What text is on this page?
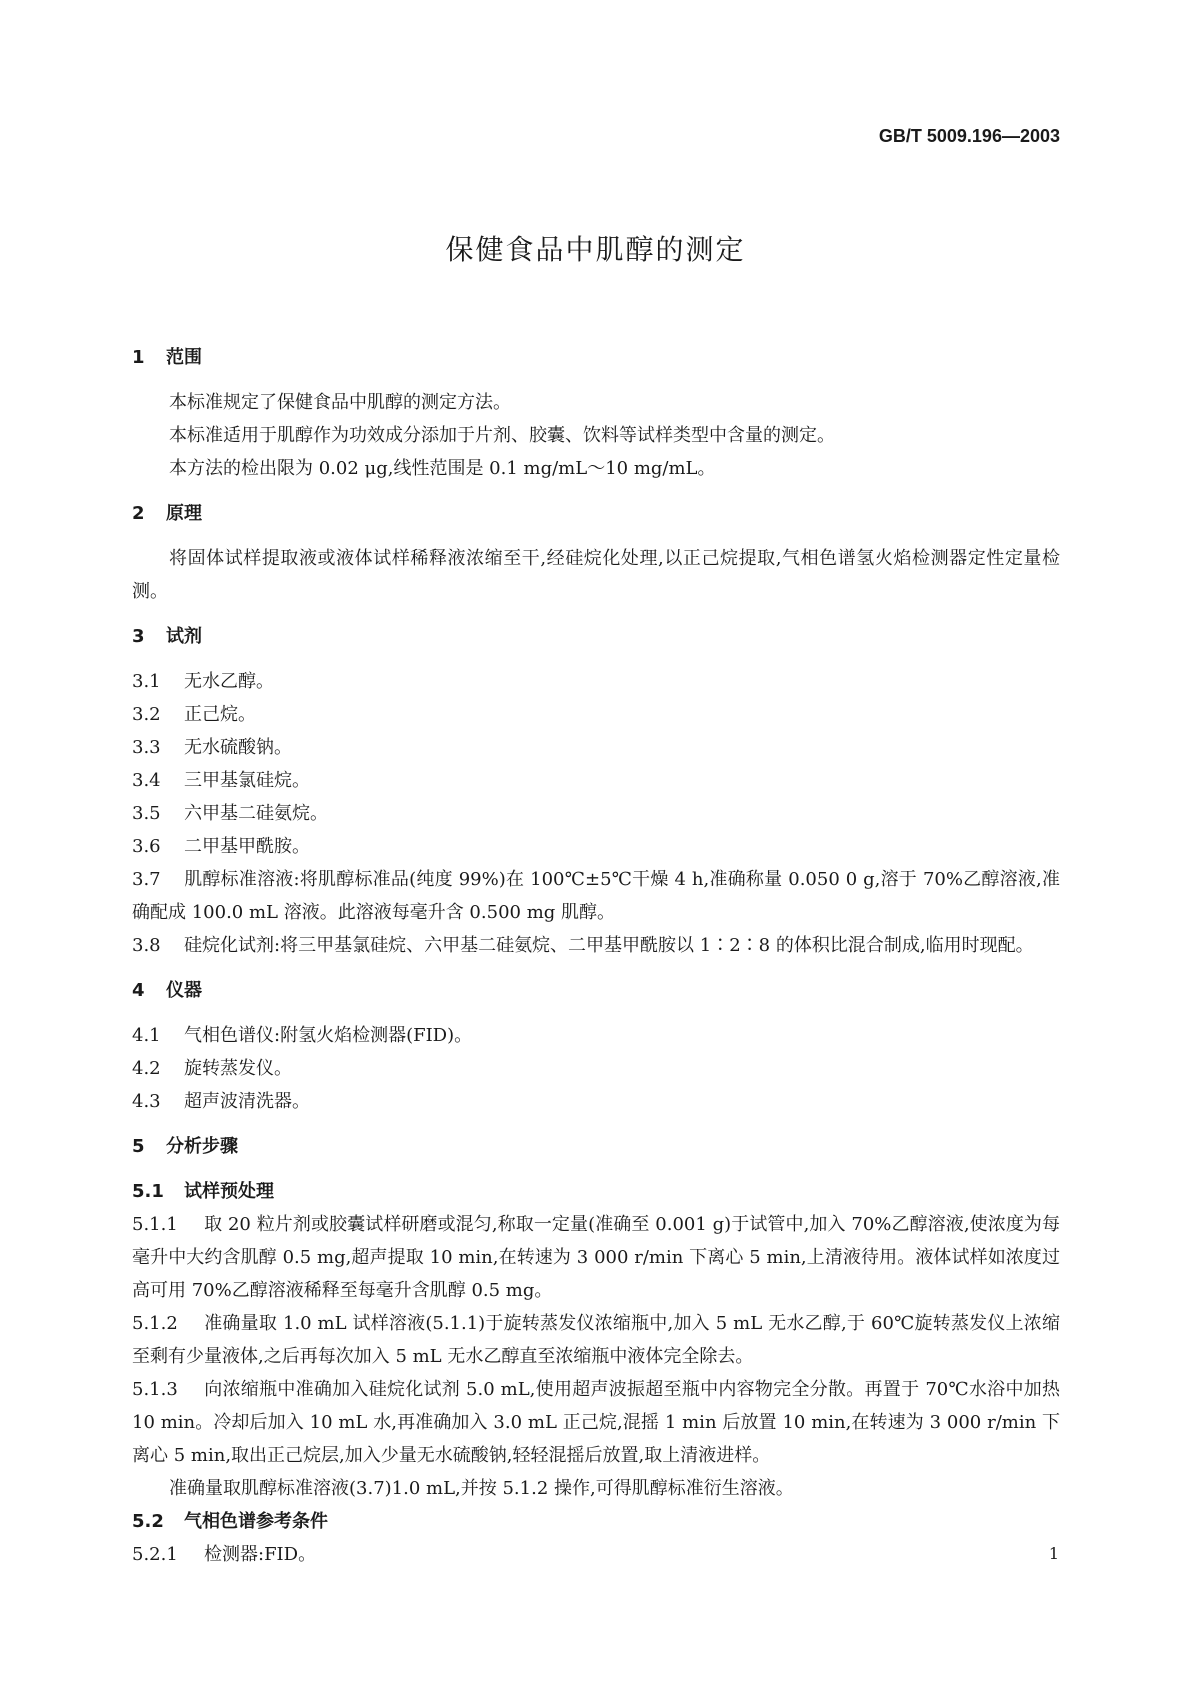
GB/T 5009.196—2003
保健食品中肌醇的测定
1 范围
本标准规定了保健食品中肌醇的测定方法。
本标准适用于肌醇作为功效成分添加于片剂、胶囊、饮料等试样类型中含量的测定。
本方法的检出限为 0.02 μg,线性范围是 0.1 mg/mL～10 mg/mL。
2 原理
将固体试样提取液或液体试样稀释液浓缩至干,经硅烷化处理,以正己烷提取,气相色谱氢火焰检测器定性定量检测。
3 试剂
3.1 无水乙醇。
3.2 正己烷。
3.3 无水硫酸钠。
3.4 三甲基氯硅烷。
3.5 六甲基二硅氨烷。
3.6 二甲基甲酰胺。
3.7 肌醇标准溶液:将肌醇标准品(纯度 99%)在 100℃±5℃干燥 4 h,准确称量 0.050 0 g,溶于 70%乙醇溶液,准确配成 100.0 mL 溶液。此溶液每毫升含 0.500 mg 肌醇。
3.8 硅烷化试剂:将三甲基氯硅烷、六甲基二硅氨烷、二甲基甲酰胺以 1∶2∶8 的体积比混合制成,临用时现配。
4 仪器
4.1 气相色谱仪:附氢火焰检测器(FID)。
4.2 旋转蒸发仪。
4.3 超声波清洗器。
5 分析步骤
5.1 试样预处理
5.1.1 取 20 粒片剂或胶囊试样研磨或混匀,称取一定量(准确至 0.001 g)于试管中,加入 70%乙醇溶液,使浓度为每毫升中大约含肌醇 0.5 mg,超声提取 10 min,在转速为 3 000 r/min 下离心 5 min,上清液待用。液体试样如浓度过高可用 70%乙醇溶液稀释至每毫升含肌醇 0.5 mg。
5.1.2 准确量取 1.0 mL 试样溶液(5.1.1)于旋转蒸发仪浓缩瓶中,加入 5 mL 无水乙醇,于 60℃旋转蒸发仪上浓缩至剩有少量液体,之后再每次加入 5 mL 无水乙醇直至浓缩瓶中液体完全除去。
5.1.3 向浓缩瓶中准确加入硅烷化试剂 5.0 mL,使用超声波振超至瓶中内容物完全分散。再置于 70℃水浴中加热 10 min。冷却后加入 10 mL 水,再准确加入 3.0 mL 正己烷,混摇 1 min 后放置 10 min,在转速为 3 000 r/min 下离心 5 min,取出正己烷层,加入少量无水硫酸钠,轻轻混摇后放置,取上清液进样。
准确量取肌醇标准溶液(3.7)1.0 mL,并按 5.1.2 操作,可得肌醇标准衍生溶液。
5.2 气相色谱参考条件
5.2.1 检测器:FID。	1
